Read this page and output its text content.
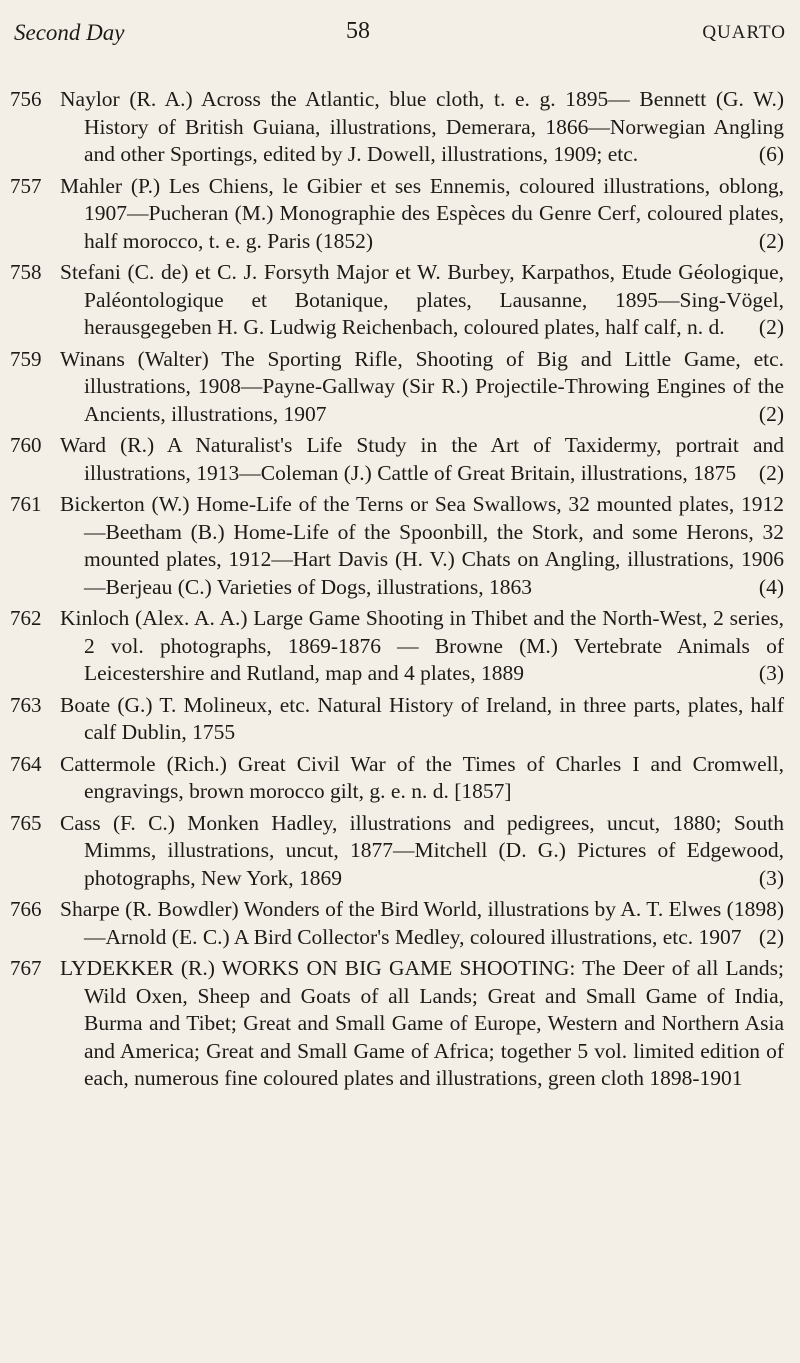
Second Day	58	QUARTO
756 Naylor (R. A.) Across the Atlantic, blue cloth, t. e. g. 1895— Bennett (G. W.) History of British Guiana, illustrations, Demerara, 1866—Norwegian Angling and other Sportings, edited by J. Dowell, illustrations, 1909; etc.	(6)
757 Mahler (P.) Les Chiens, le Gibier et ses Ennemis, coloured illustrations, oblong, 1907—Pucheran (M.) Monographie des Espèces du Genre Cerf, coloured plates, half morocco, t. e. g. Paris (1852)	(2)
758 Stefani (C. de) et C. J. Forsyth Major et W. Burbey, Karpathos, Etude Géologique, Paléontologique et Botanique, plates, Lausanne, 1895—Sing-Vögel, herausgegeben H. G. Ludwig Reichenbach, coloured plates, half calf, n. d. (2)
759 Winans (Walter) The Sporting Rifle, Shooting of Big and Little Game, etc. illustrations, 1908—Payne-Gallway (Sir R.) Projectile-Throwing Engines of the Ancients, illustrations, 1907	(2)
760 Ward (R.) A Naturalist's Life Study in the Art of Taxidermy, portrait and illustrations, 1913—Coleman (J.) Cattle of Great Britain, illustrations, 1875 (2)
761 Bickerton (W.) Home-Life of the Terns or Sea Swallows, 32 mounted plates, 1912—Beetham (B.) Home-Life of the Spoonbill, the Stork, and some Herons, 32 mounted plates, 1912—Hart Davis (H. V.) Chats on Angling, illustrations, 1906—Berjeau (C.) Varieties of Dogs, illustrations, 1863	(4)
762 Kinloch (Alex. A. A.) Large Game Shooting in Thibet and the North-West, 2 series, 2 vol. photographs, 1869-1876 — Browne (M.) Vertebrate Animals of Leicestershire and Rutland, map and 4 plates, 1889	(3)
763 Boate (G.) T. Molineux, etc. Natural History of Ireland, in three parts, plates, half calf Dublin, 1755
764 Cattermole (Rich.) Great Civil War of the Times of Charles I and Cromwell, engravings, brown morocco gilt, g. e. n. d. [1857]
765 Cass (F. C.) Monken Hadley, illustrations and pedigrees, uncut, 1880; South Mimms, illustrations, uncut, 1877—Mitchell (D. G.) Pictures of Edgewood, photographs, New York, 1869	(3)
766 Sharpe (R. Bowdler) Wonders of the Bird World, illustrations by A. T. Elwes (1898)—Arnold (E. C.) A Bird Collector's Medley, coloured illustrations, etc. 1907 (2)
767 LYDEKKER (R.) WORKS ON BIG GAME SHOOTING: The Deer of all Lands; Wild Oxen, Sheep and Goats of all Lands; Great and Small Game of India, Burma and Tibet; Great and Small Game of Europe, Western and Northern Asia and America; Great and Small Game of Africa; together 5 vol. limited edition of each, numerous fine coloured plates and illustrations, green cloth 1898-1901
